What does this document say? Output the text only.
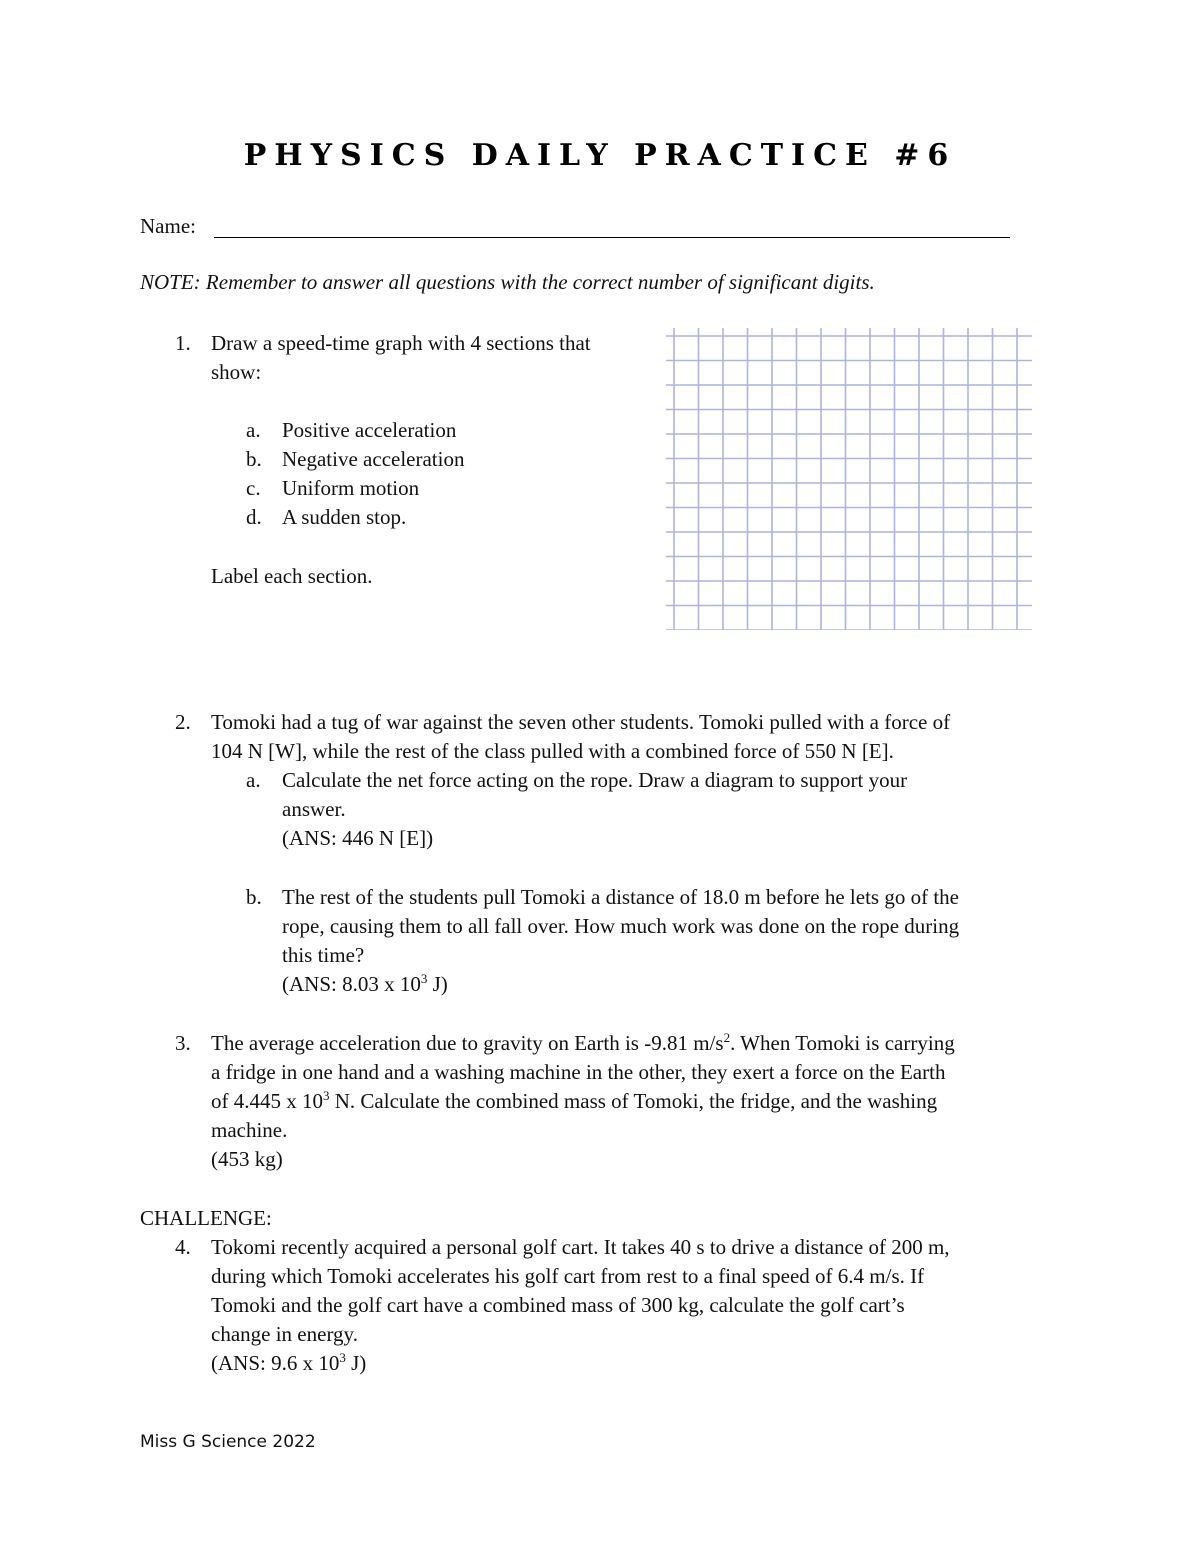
PHYSICS DAILY PRACTICE #6
Name:
NOTE: Remember to answer all questions with the correct number of significant digits.
1. Draw a speed-time graph with 4 sections that
show:
a. Positive acceleration
b. Negative acceleration
c. Uniform motion
d. A sudden stop.
Label each section.
2. Tomoki had a tug of war against the seven other students. Tomoki pulled with a force of
104 N [W], while the rest of the class pulled with a combined force of 550 N [E].
a. Calculate the net force acting on the rope. Draw a diagram to support your
answer.
(ANS: 446 N [E])
b. The rest of the students pull Tomoki a distance of 18.0 m before he lets go of the
rope, causing them to all fall over. How much work was done on the rope during
this time?
(ANS: 8.03 x $10^3$ J)
3. The average acceleration due to gravity on Earth is -9.81 $m/s^2$. When Tomoki is carrying
a fridge in one hand and a washing machine in the other, they exert a force on the Earth
of 4.445 x $10^3$ N. Calculate the combined mass of Tomoki, the fridge, and the washing
machine.
(453 kg)
CHALLENGE:
4. Tokomi recently acquired a personal golf cart. It takes 40 s to drive a distance of 200 m,
during which Tomoki accelerates his golf cart from rest to a final speed of 6.4 m/s. If
Tomoki and the golf cart have a combined mass of 300 kg, calculate the golf cart’s
change in energy.
(ANS: 9.6 x $10^3$ J)
Miss G Science 2022
